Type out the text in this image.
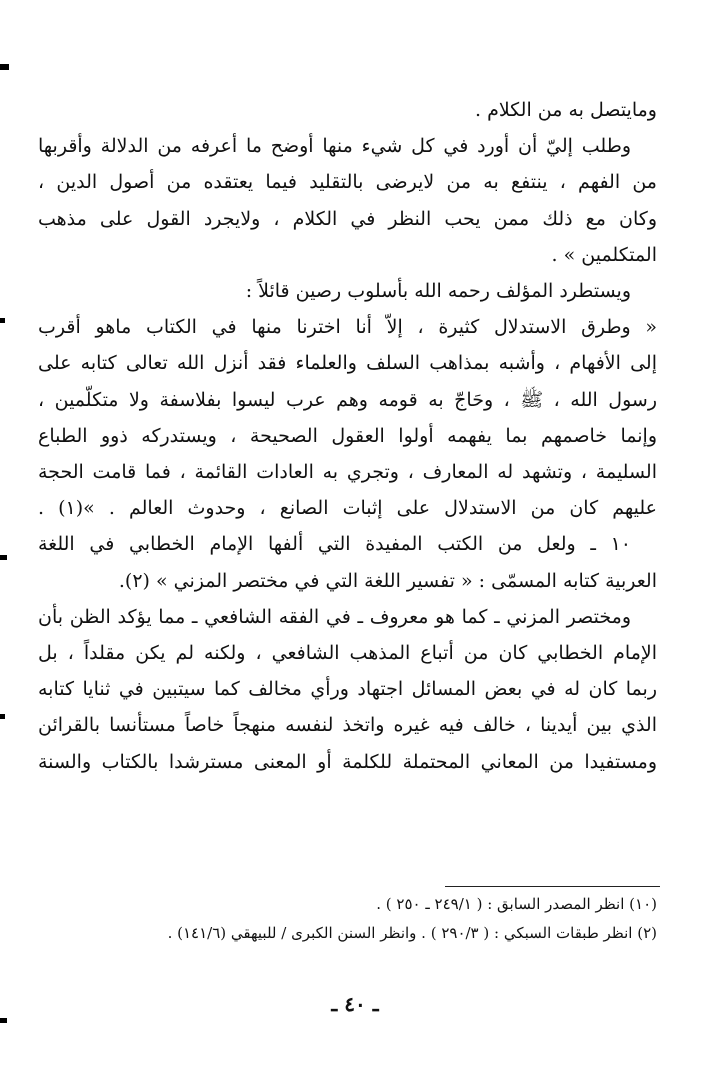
ومايتصل به من الكلام .
وطلب إليّ أن أورد في كل شيء منها أوضح ما أعرفه من الدلالة وأقربها
من الفهم ، ينتفع به من لايرضى بالتقليد فيما يعتقده من أصول الدين ،
وكان مع ذلك ممن يحب النظر في الكلام ، ولايجرد القول على مذهب
المتكلمين » .
ويستطرد المؤلف رحمه الله بأسلوب رصين قائلاً :
« وطرق الاستدلال كثيرة ، إلاّ أنا اخترنا منها في الكتاب ماهو أقرب
إلى الأفهام ، وأشبه بمذاهب السلف والعلماء فقد أنزل الله تعالى كتابه على
رسول الله ، ﷺ ، وحَاجّ به قومه وهم عرب ليسوا بفلاسفة ولا متكلّمين ،
وإنما خاصمهم بما يفهمه أولوا العقول الصحيحة ، ويستدركه ذوو الطباع
السليمة ، وتشهد له المعارف ، وتجري به العادات القائمة ، فما قامت الحجة
عليهم كان من الاستدلال على إثبات الصانع ، وحدوث العالم . »(١) .
١٠ ـ ولعل من الكتب المفيدة التي ألفها الإمام الخطابي في اللغة
العربية كتابه المسمّى : « تفسير اللغة التي في مختصر المزني » (٢).
ومختصر المزني ـ كما هو معروف ـ في الفقه الشافعي ـ مما يؤكد الظن بأن
الإمام الخطابي كان من أتباع المذهب الشافعي ، ولكنه لم يكن مقلداً ، بل
ربما كان له في بعض المسائل اجتهاد ورأي مخالف كما سيتبين في ثنايا كتابه
الذي بين أيدينا ، خالف فيه غيره واتخذ لنفسه منهجاً خاصاً مستأنسا بالقرائن
ومستفيدا من المعاني المحتملة للكلمة أو المعنى مسترشدا بالكتاب والسنة
(١٠) انظر المصدر السابق : ( ٢٤٩/١ ـ ٢٥٠ ) .
(٢) انظر طبقات السبكي : ( ٢٩٠/٣ ) . وانظر السنن الكبرى / للبيهقي (١٤١/٦) .
ـ ٤٠ ـ
